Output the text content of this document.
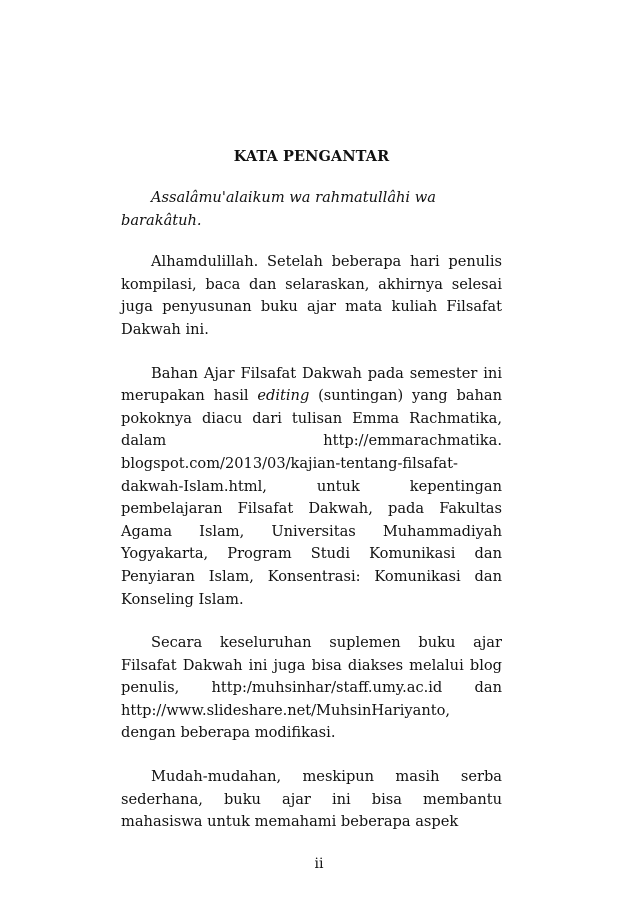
KATA PENGANTAR

Assalâmu'alaikum wa rahmatullâhi wa barakâtuh.

Alhamdulillah. Setelah beberapa hari penulis kompilasi, baca dan selaraskan, akhirnya selesai juga penyusunan buku ajar mata kuliah Filsafat Dakwah ini.

Bahan Ajar Filsafat Dakwah pada semester ini merupakan hasil editing (suntingan) yang bahan pokoknya diacu dari tulisan Emma Rachmatika, dalam http://emmarachmatika. blogspot.com/2013/03/kajian-tentang-filsafat- dakwah-Islam.html, untuk kepentingan pembelajaran Filsafat Dakwah, pada Fakultas Agama Islam, Universitas Muhammadiyah Yogyakarta, Program Studi Komunikasi dan Penyiaran Islam, Konsentrasi: Komunikasi dan Konseling Islam.

Secara keseluruhan suplemen buku ajar Filsafat Dakwah ini juga bisa diakses melalui blog penulis, http:/muhsinhar/staff.umy.ac.id dan http://www.slideshare.net/MuhsinHariyanto, dengan beberapa modifikasi.

Mudah-mudahan, meskipun masih serba sederhana, buku ajar ini bisa membantu mahasiswa untuk memahami beberapa aspek

ii
